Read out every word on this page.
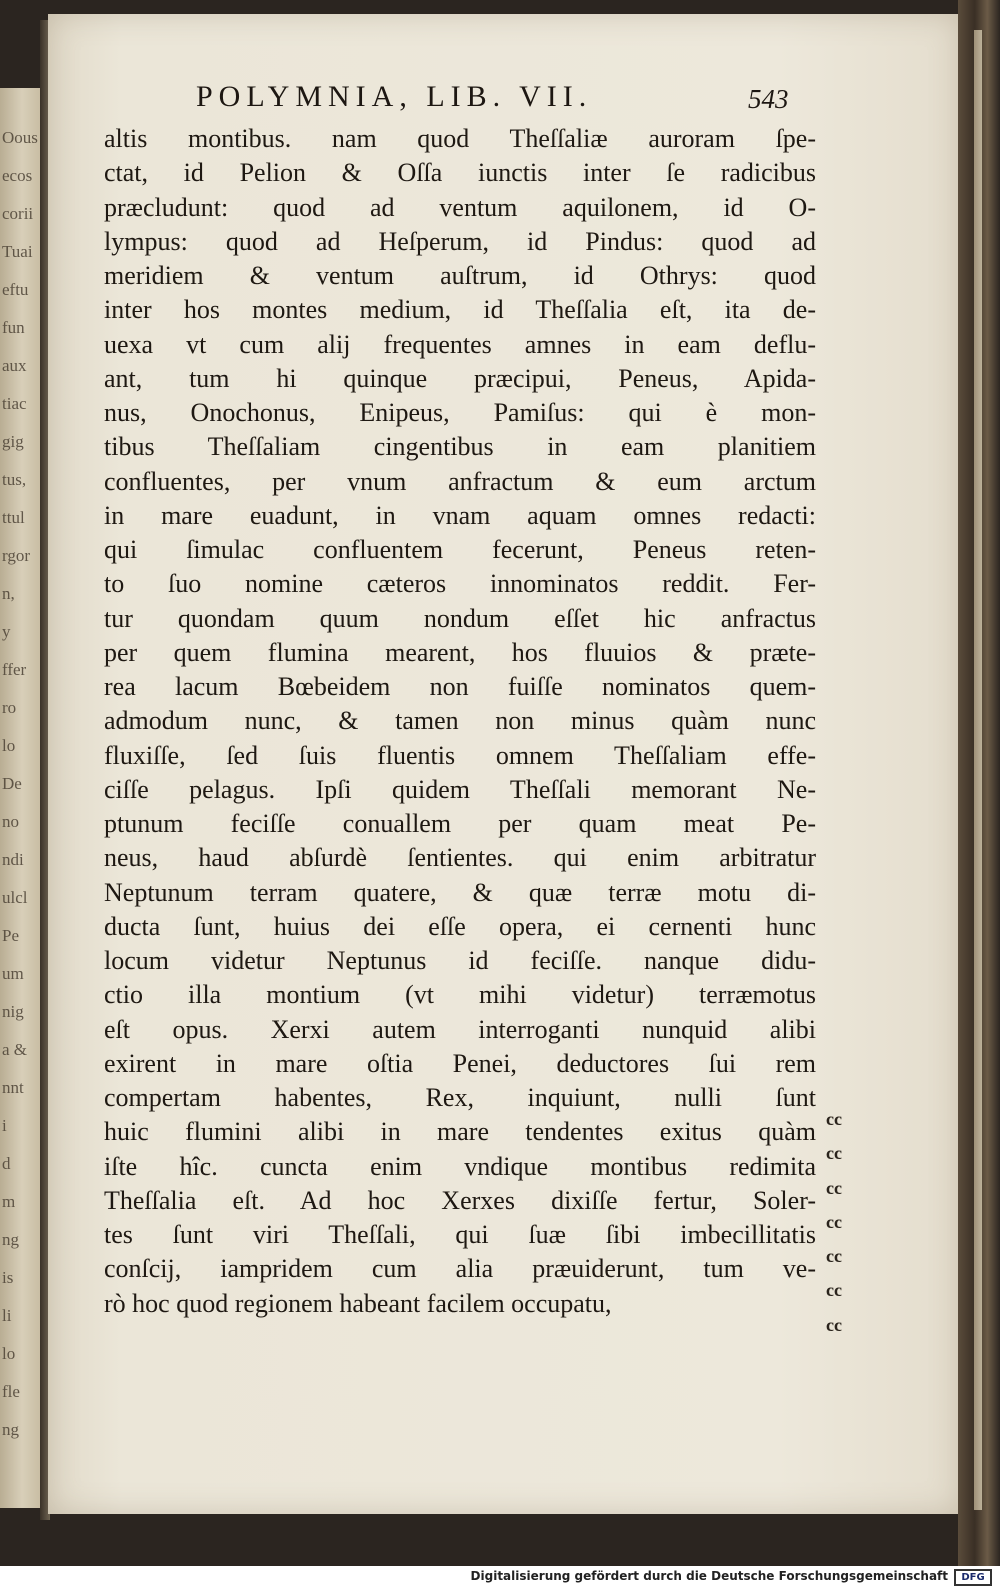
Oous
ecos
corii
Tuai
eftu
fun
aux
tiac
gig
tus,
ttul
rgor
n,
y
ffer
ro
lo
De
no
ndi
ulcl
Pe
um
nig
a &
nnt
i
d
m
ng
is
li
lo
fle
ng
POLYMNIA, LIB. VII.	543
altis montibus. nam quod Theſſaliæ auroram ſpe-
ctat, id Pelion & Oſſa iunctis inter ſe radicibus
præcludunt: quod ad ventum aquilonem, id O-
lympus: quod ad Heſperum, id Pindus: quod ad
meridiem & ventum auſtrum, id Othrys: quod
inter hos montes medium, id Theſſalia eſt, ita de-
uexa vt cum alij frequentes amnes in eam deflu-
ant, tum hi quinque præcipui, Peneus, Apida-
nus, Onochonus, Enipeus, Pamiſus: qui è mon-
tibus Theſſaliam cingentibus in eam planitiem
confluentes, per vnum anfractum & eum arctum
in mare euadunt, in vnam aquam omnes redacti:
qui ſimulac confluentem fecerunt, Peneus reten-
to ſuo nomine cæteros innominatos reddit. Fer-
tur quondam quum nondum eſſet hic anfractus
per quem flumina mearent, hos fluuios & præte-
rea lacum Bœbeidem non fuiſſe nominatos quem-
admodum nunc, & tamen non minus quàm nunc
fluxiſſe, ſed ſuis fluentis omnem Theſſaliam effe-
ciſſe pelagus. Ipſi quidem Theſſali memorant Ne-
ptunum feciſſe conuallem per quam meat Pe-
neus, haud abſurdè ſentientes. qui enim arbitratur
Neptunum terram quatere, & quæ terræ motu di-
ducta ſunt, huius dei eſſe opera, ei cernenti hunc
locum videtur Neptunus id feciſſe. nanque didu-
ctio illa montium (vt mihi videtur) terræmotus
eſt opus. Xerxi autem interroganti nunquid alibi
exirent in mare oſtia Penei, deductores ſui rem
compertam habentes, Rex, inquiunt, nulli ſunt
huic flumini alibi in mare tendentes exitus quàm
iſte hîc. cuncta enim vndique montibus redimita
Theſſalia eſt. Ad hoc Xerxes dixiſſe fertur, Soler-
tes ſunt viri Theſſali, qui ſuæ ſibi imbecillitatis
conſcij, iampridem cum alia præuiderunt, tum ve-
rò hoc quod regionem habeant facilem occupatu,
cc
cc
cc
cc
cc
cc
cc
Digitalisierung gefördert durch die Deutsche Forschungsgemeinschaft	DFG
